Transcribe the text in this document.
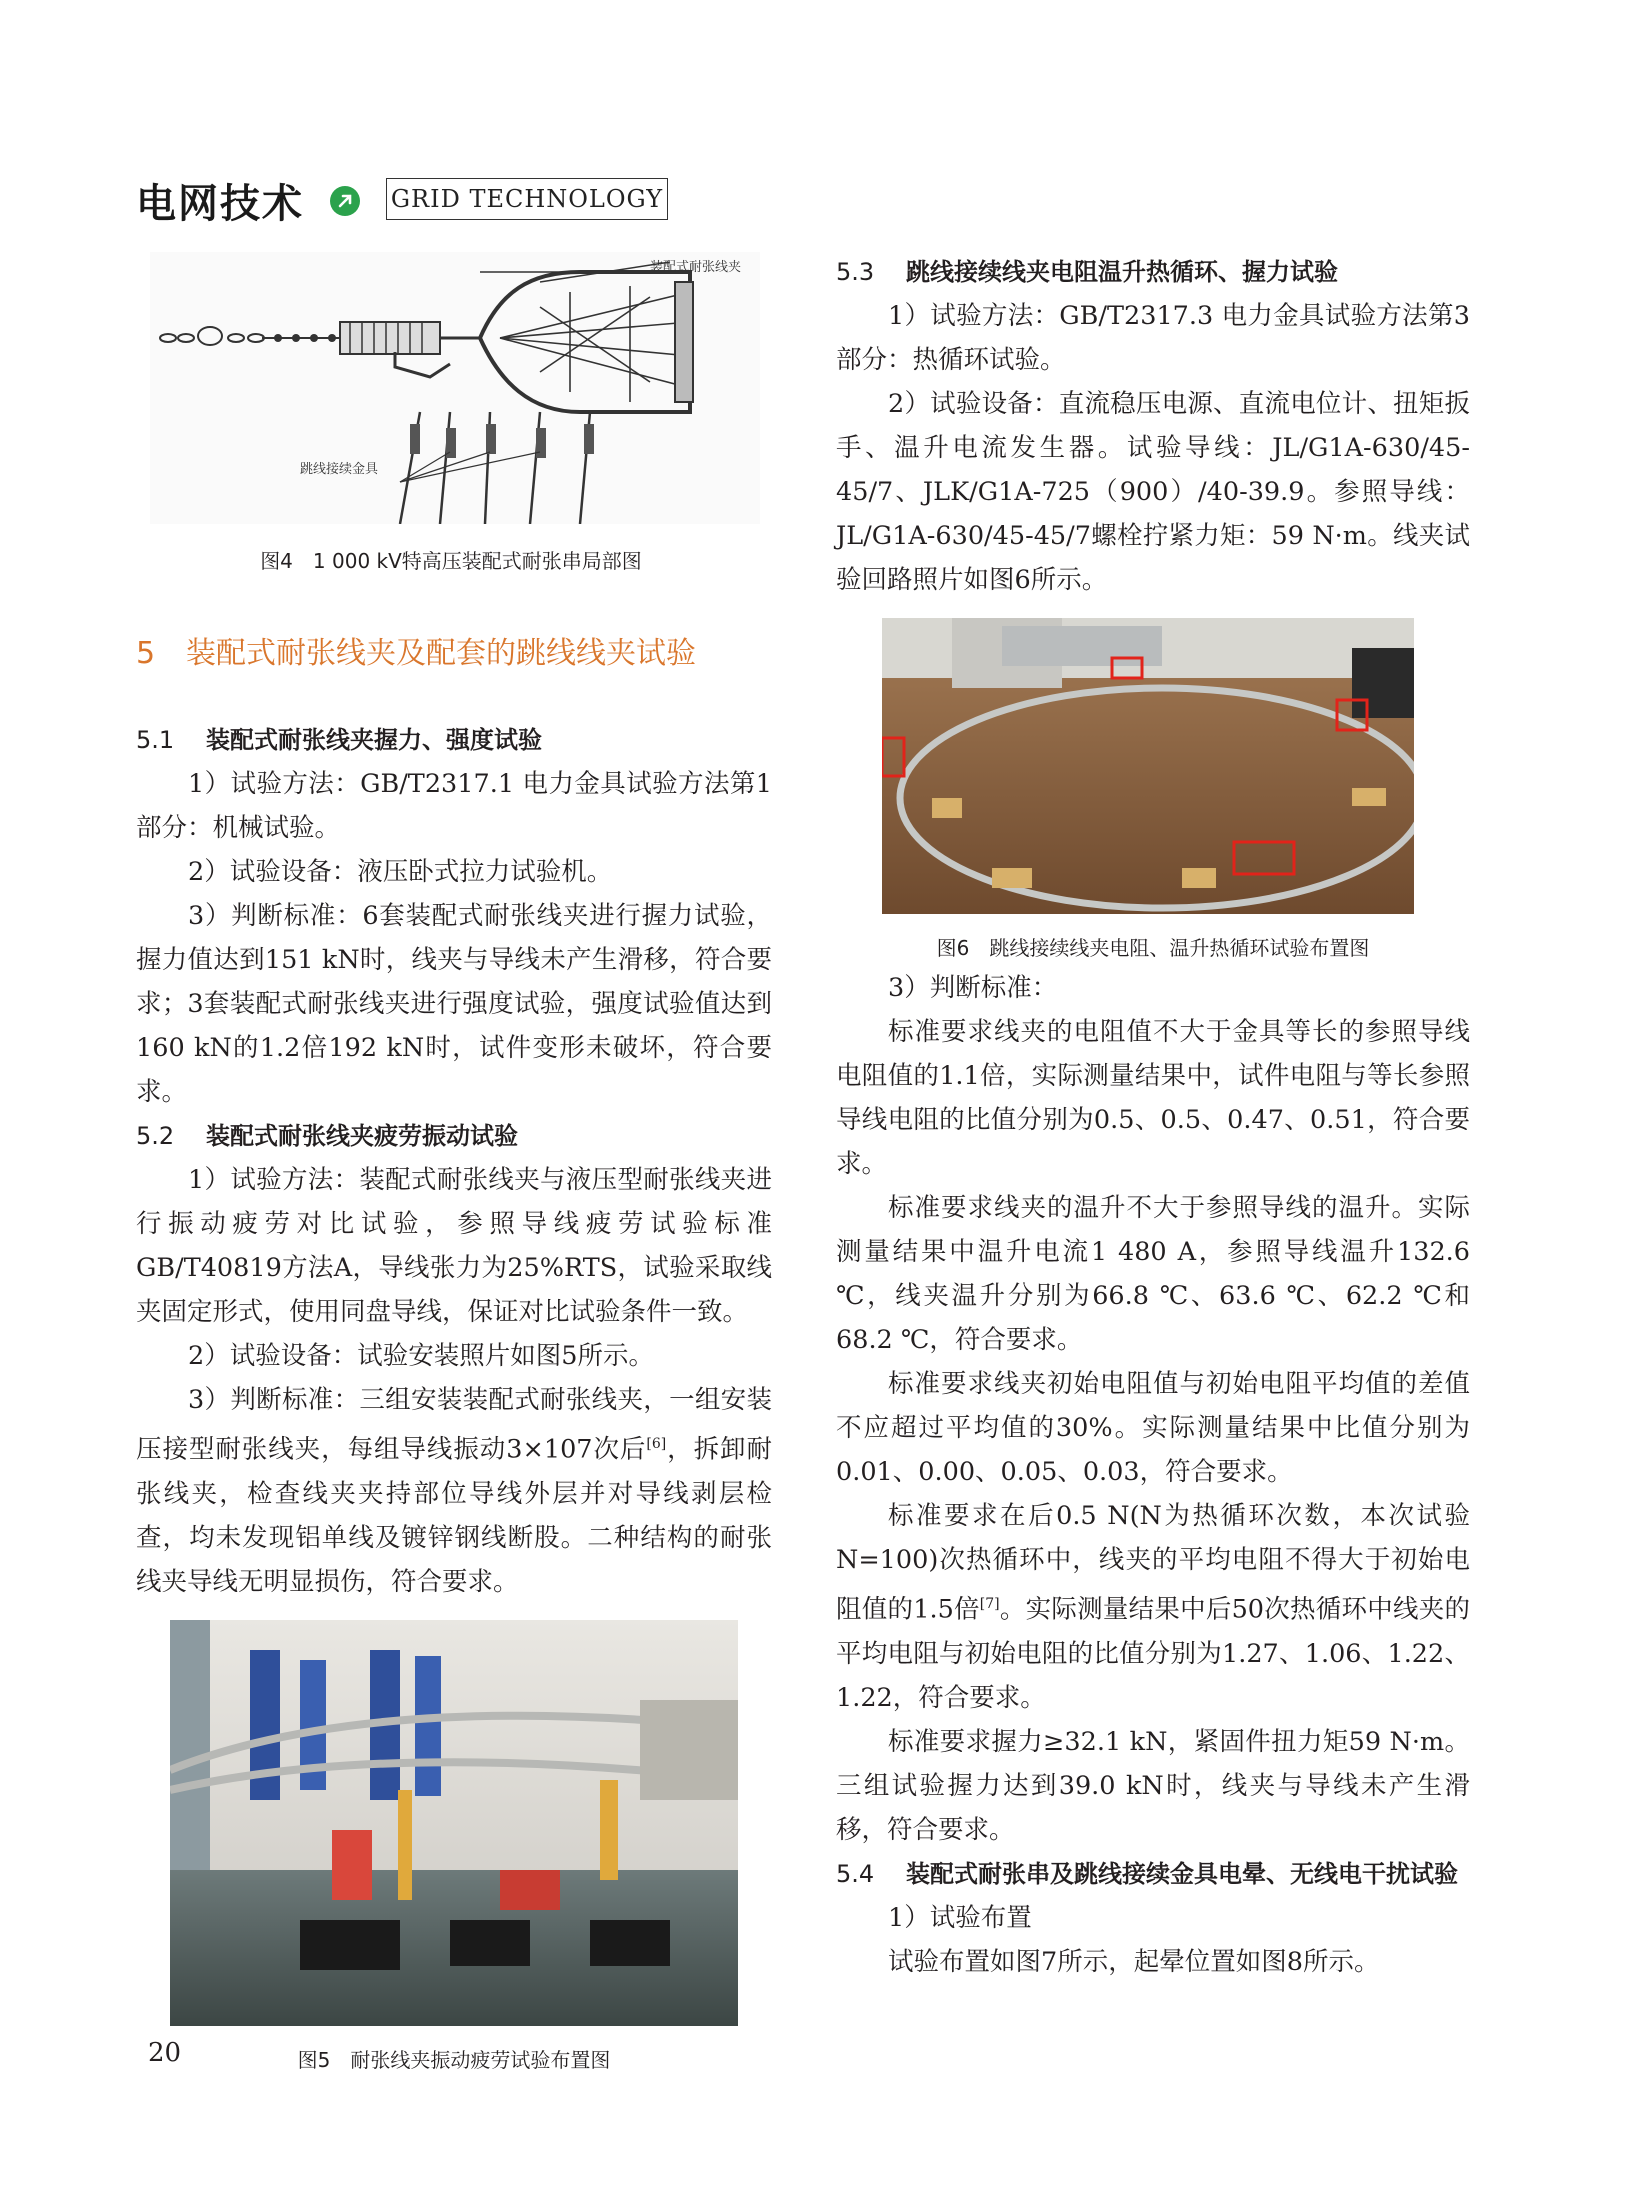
电网技术	GRID TECHNOLOGY
装配式耐张线夹
跳线接续金具
图4　1 000 kV特高压装配式耐张串局部图
5 装配式耐张线夹及配套的跳线线夹试验
5.1 装配式耐张线夹握力、强度试验
1）试验方法：GB/T2317.1 电力金具试验方法第1部分：机械试验。
2）试验设备：液压卧式拉力试验机。
3）判断标准：6套装配式耐张线夹进行握力试验，握力值达到151 kN时，线夹与导线未产生滑移，符合要求；3套装配式耐张线夹进行强度试验，强度试验值达到160 kN的1.2倍192 kN时，试件变形未破坏，符合要求。
5.2 装配式耐张线夹疲劳振动试验
1）试验方法：装配式耐张线夹与液压型耐张线夹进行振动疲劳对比试验，参照导线疲劳试验标准GB/T40819方法A，导线张力为25%RTS，试验采取线夹固定形式，使用同盘导线，保证对比试验条件一致。
2）试验设备：试验安装照片如图5所示。
3）判断标准：三组安装装配式耐张线夹，一组安装压接型耐张线夹，每组导线振动3×107次后[6]，拆卸耐张线夹，检查线夹夹持部位导线外层并对导线剥层检查，均未发现铝单线及镀锌钢线断股。二种结构的耐张线夹导线无明显损伤，符合要求。
图5　耐张线夹振动疲劳试验布置图
5.3 跳线接续线夹电阻温升热循环、握力试验
1）试验方法：GB/T2317.3 电力金具试验方法第3部分：热循环试验。
2）试验设备：直流稳压电源、直流电位计、扭矩扳手、温升电流发生器。试验导线：JL/G1A-630/45-45/7、JLK/G1A-725（900）/40-39.9。参照导线：JL/G1A-630/45-45/7螺栓拧紧力矩：59 N·m。线夹试验回路照片如图6所示。
图6　跳线接续线夹电阻、温升热循环试验布置图
3）判断标准：
标准要求线夹的电阻值不大于金具等长的参照导线电阻值的1.1倍，实际测量结果中，试件电阻与等长参照导线电阻的比值分别为0.5、0.5、0.47、0.51，符合要求。
标准要求线夹的温升不大于参照导线的温升。实际测量结果中温升电流1 480 A，参照导线温升132.6 ℃，线夹温升分别为66.8 ℃、63.6 ℃、62.2 ℃和68.2 ℃，符合要求。
标准要求线夹初始电阻值与初始电阻平均值的差值不应超过平均值的30%。实际测量结果中比值分别为0.01、0.00、0.05、0.03，符合要求。
标准要求在后0.5 N(N为热循环次数，本次试验N=100)次热循环中，线夹的平均电阻不得大于初始电阻值的1.5倍[7]。实际测量结果中后50次热循环中线夹的平均电阻与初始电阻的比值分别为1.27、1.06、1.22、1.22，符合要求。
标准要求握力≥32.1 kN，紧固件扭力矩59 N·m。三组试验握力达到39.0 kN时，线夹与导线未产生滑移，符合要求。
5.4 装配式耐张串及跳线接续金具电晕、无线电干扰试验
1）试验布置
试验布置如图7所示，起晕位置如图8所示。
20
